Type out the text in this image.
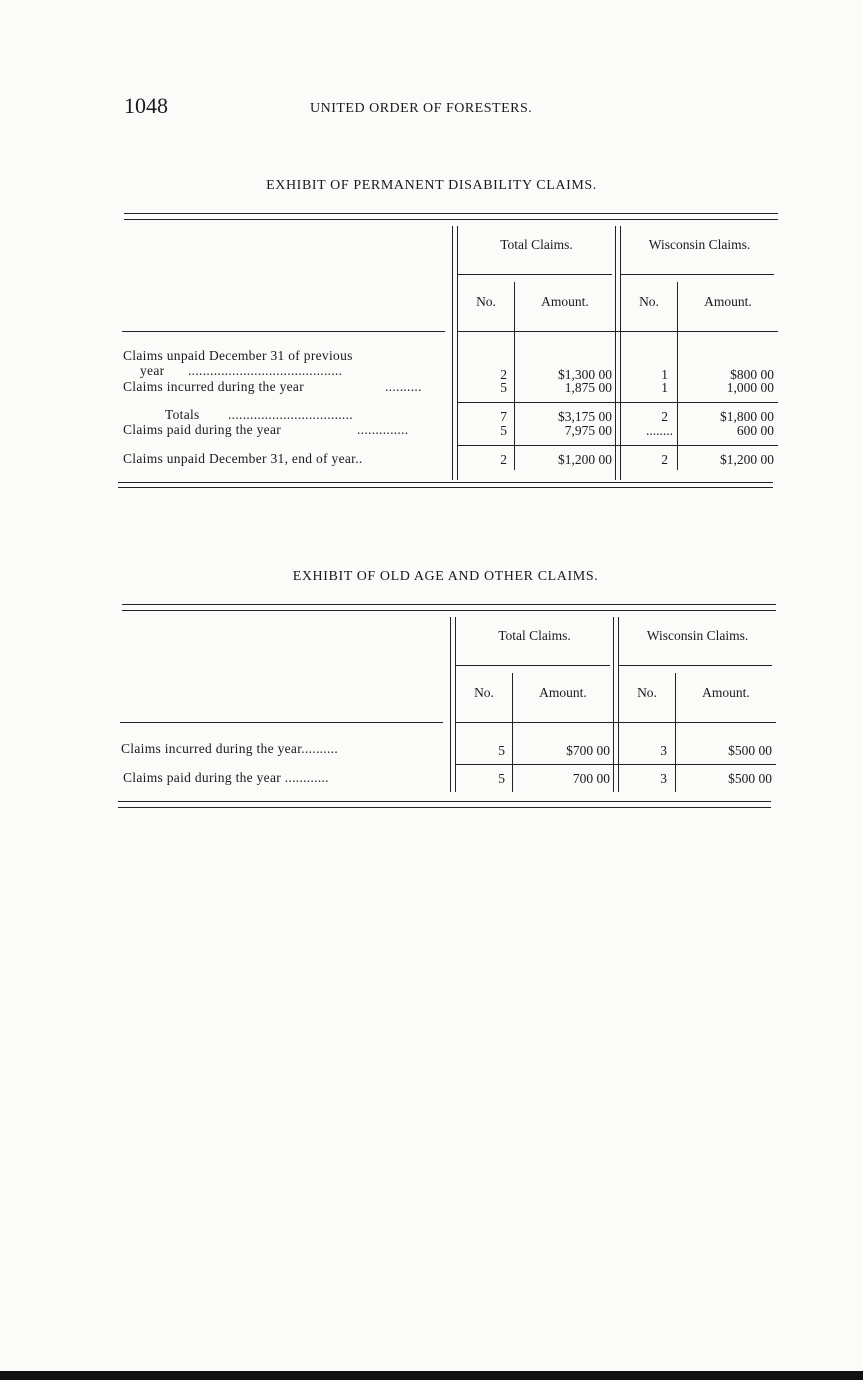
1048	UNITED ORDER OF FORESTERS.
EXHIBIT OF PERMANENT DISABILITY CLAIMS.
Total Claims.	Wisconsin Claims.
No.	Amount.	No.	Amount.
Claims unpaid December 31 of previous
year ..........................................	2	$1,300 00	1	$800 00
Claims incurred during the year	..........	5	1,875 00	1	1,000 00
Totals ..................................	7	$3,175 00	2	$1,800 00
Claims paid during the year	..............	5	7,975 00	........	600 00
Claims unpaid December 31, end of year..	2	$1,200 00	2	$1,200 00
EXHIBIT OF OLD AGE AND OTHER CLAIMS.
Total Claims.	Wisconsin Claims.
No.	Amount.	No.	Amount.
Claims incurred during the year..........	5	$700 00	3	$500 00
Claims paid during the year ............	5	700 00	3	$500 00
